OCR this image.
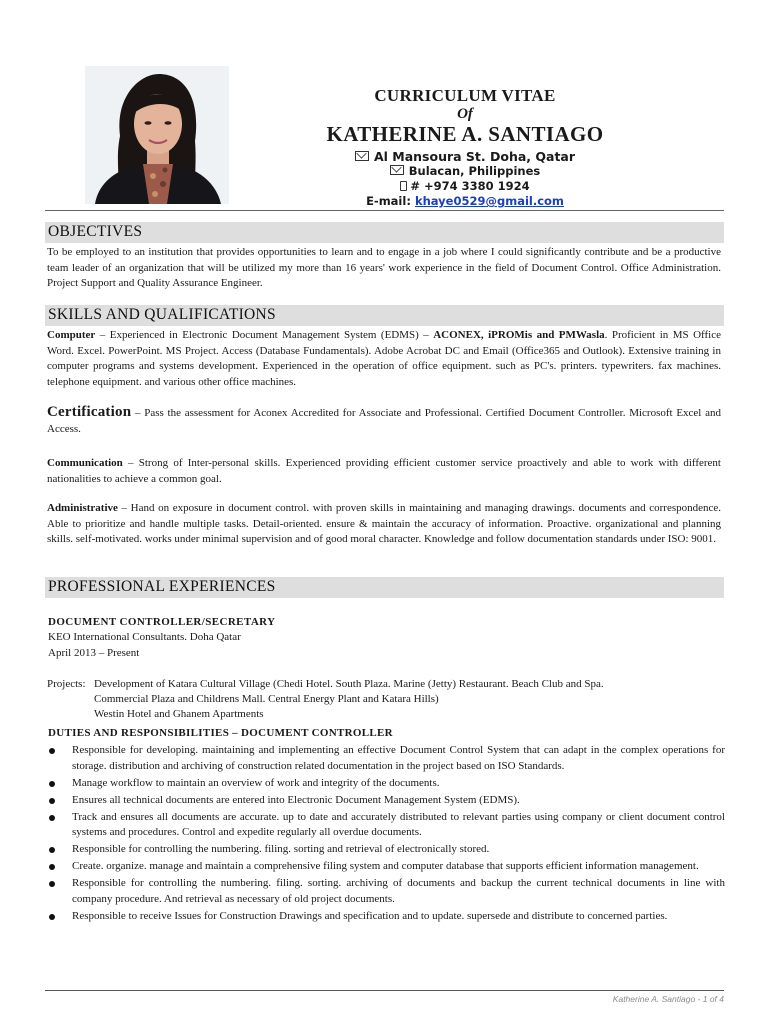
CURRICULUM VITAE
Of
KATHERINE A. SANTIAGO
Al Mansoura St. Doha, Qatar
Bulacan, Philippines
# +974 3380 1924
E-mail: khaye0529@gmail.com
OBJECTIVES
To be employed to an institution that provides opportunities to learn and to engage in a job where I could significantly contribute and be a productive team leader of an organization that will be utilized my more than 16 years' work experience in the field of Document Control. Office Administration. Project Support and Quality Assurance Engineer.
SKILLS AND QUALIFICATIONS
Computer – Experienced in Electronic Document Management System (EDMS) – ACONEX, iPROMis and PMWasla. Proficient in MS Office Word. Excel. PowerPoint. MS Project. Access (Database Fundamentals). Adobe Acrobat DC and Email (Office365 and Outlook). Extensive training in computer programs and systems development. Experienced in the operation of office equipment. such as PC's. printers. typewriters. fax machines. telephone equipment. and various other office machines.
Certification – Pass the assessment for Aconex Accredited for Associate and Professional. Certified Document Controller. Microsoft Excel and Access.
Communication – Strong of Inter-personal skills. Experienced providing efficient customer service proactively and able to work with different nationalities to achieve a common goal.
Administrative – Hand on exposure in document control. with proven skills in maintaining and managing drawings. documents and correspondence. Able to prioritize and handle multiple tasks. Detail-oriented. ensure & maintain the accuracy of information. Proactive. organizational and planning skills. self-motivated. works under minimal supervision and of good moral character. Knowledge and follow documentation standards under ISO: 9001.
PROFESSIONAL EXPERIENCES
DOCUMENT CONTROLLER/SECRETARY
KEO International Consultants. Doha Qatar
April 2013 – Present
Projects: Development of Katara Cultural Village (Chedi Hotel. South Plaza. Marine (Jetty) Restaurant. Beach Club and Spa.
Commercial Plaza and Childrens Mall. Central Energy Plant and Katara Hills)
Westin Hotel and Ghanem Apartments
DUTIES AND RESPONSIBILITIES – DOCUMENT CONTROLLER
Responsible for developing. maintaining and implementing an effective Document Control System that can adapt in the complex operations for storage. distribution and archiving of construction related documentation in the project based on ISO Standards.
Manage workflow to maintain an overview of work and integrity of the documents.
Ensures all technical documents are entered into Electronic Document Management System (EDMS).
Track and ensures all documents are accurate. up to date and accurately distributed to relevant parties using company or client document control systems and procedures. Control and expedite regularly all overdue documents.
Responsible for controlling the numbering. filing. sorting and retrieval of electronically stored.
Create. organize. manage and maintain a comprehensive filing system and computer database that supports efficient information management.
Responsible for controlling the numbering. filing. sorting. archiving of documents and backup the current technical documents in line with company procedure. And retrieval as necessary of old project documents.
Responsible to receive Issues for Construction Drawings and specification and to update. supersede and distribute to concerned parties.
Katherine A. Santiago - 1 of 4
